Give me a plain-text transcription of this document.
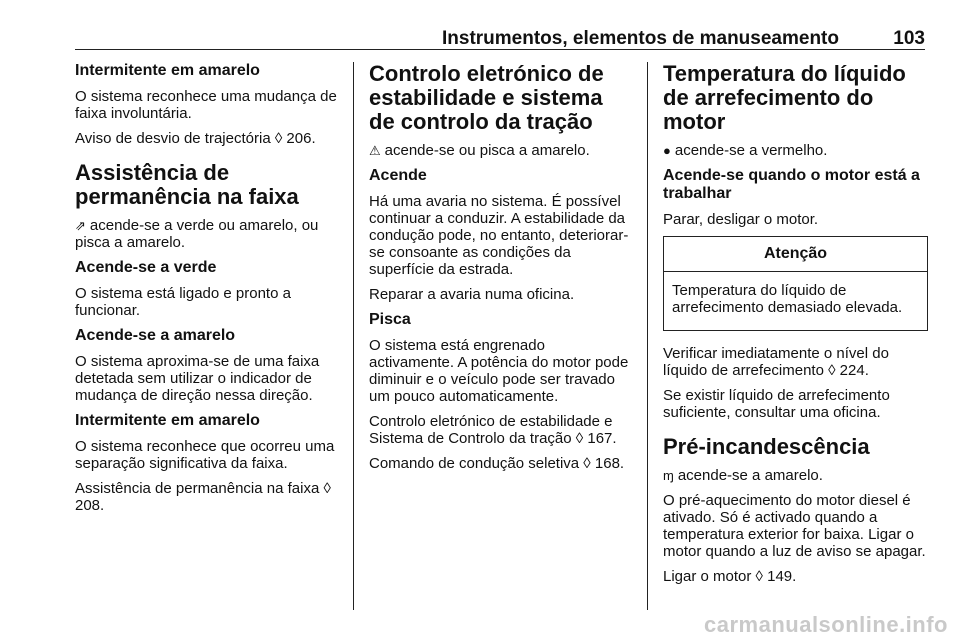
Instrumentos, elementos de manuseamento	103
Intermitente em amarelo

O sistema reconhece uma mudança de faixa involuntária.

Aviso de desvio de trajectória ◊ 206.

Assistência de permanência na faixa

⇗ acende-se a verde ou amarelo, ou pisca a amarelo.

Acende-se a verde

O sistema está ligado e pronto a funcionar.

Acende-se a amarelo

O sistema aproxima-se de uma faixa detetada sem utilizar o indicador de mudança de direção nessa direção.

Intermitente em amarelo

O sistema reconhece que ocorreu uma separação significativa da faixa.

Assistência de permanência na faixa ◊ 208.

Controlo eletrónico de estabilidade e sistema de controlo da tração

⚠ acende-se ou pisca a amarelo.

Acende

Há uma avaria no sistema. É possível continuar a conduzir. A estabilidade da condução pode, no entanto, deteriorar-se consoante as condições da superfície da estrada.

Reparar a avaria numa oficina.

Pisca

O sistema está engrenado activamente. A potência do motor pode diminuir e o veículo pode ser travado um pouco automaticamente.

Controlo eletrónico de estabilidade e Sistema de Controlo da tração ◊ 167.

Comando de condução seletiva ◊ 168.

Temperatura do líquido de arrefecimento do motor

● acende-se a vermelho.

Acende-se quando o motor está a trabalhar

Parar, desligar o motor.

Atenção

Temperatura do líquido de arrefecimento demasiado elevada.

Verificar imediatamente o nível do líquido de arrefecimento ◊ 224.

Se existir líquido de arrefecimento suficiente, consultar uma oficina.

Pré-incandescência

ɱ acende-se a amarelo.

O pré-aquecimento do motor diesel é ativado. Só é activado quando a temperatura exterior for baixa. Ligar o motor quando a luz de aviso se apagar.

Ligar o motor ◊ 149.

carmanualsonline.info
